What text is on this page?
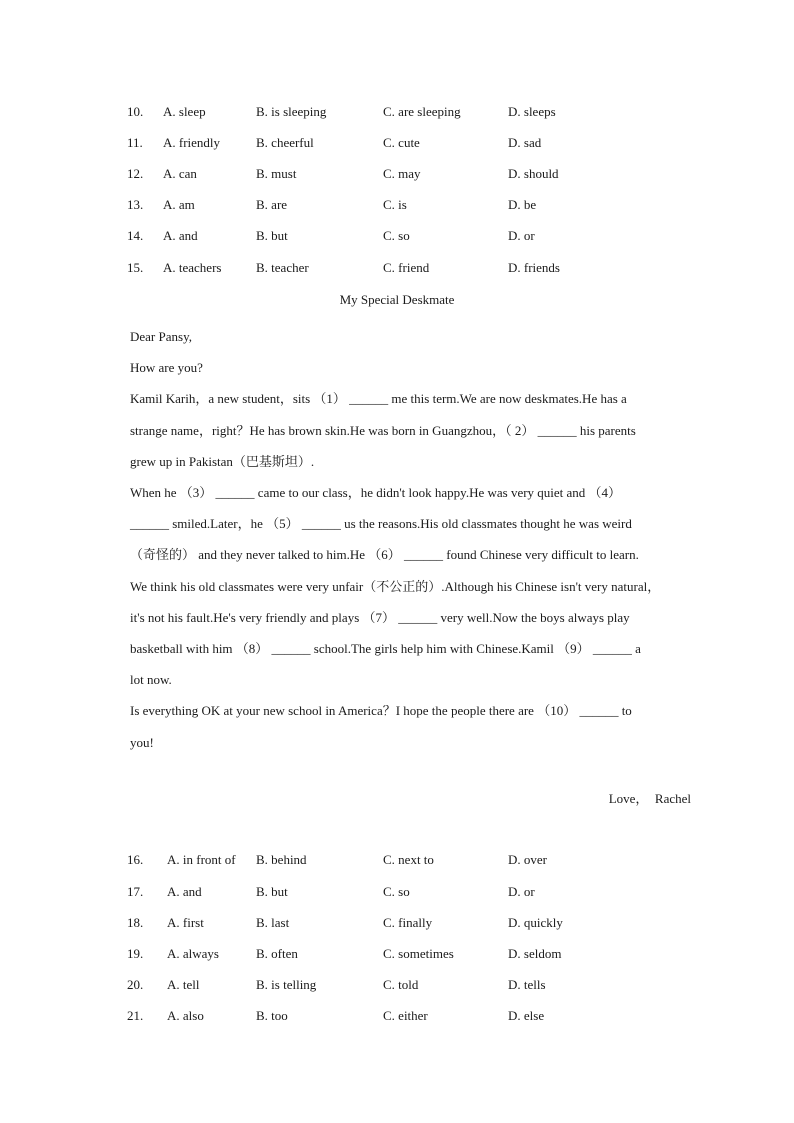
10. A. sleep	B. is sleeping	C. are sleeping	D. sleeps
11. A. friendly	B. cheerful	C. cute	D. sad
12. A. can	B. must	C. may	D. should
13. A. am	B. are	C. is	D. be
14. A. and	B. but	C. so	D. or
15. A. teachers	B. teacher	C. friend	D. friends
My Special Deskmate

Dear Pansy,

How are you?

Kamil Karih，a new student，sits （1） ______ me this term.We are now deskmates.He has a

strange name，right？He has brown skin.He was born in Guangzhou，（ 2） ______ his parents

grew up in Pakistan（巴基斯坦）.

When he （3） ______ came to our class，he didn't look happy.He was very quiet and （4）

______ smiled.Later，he （5） ______ us the reasons.His old classmates thought he was weird

（奇怪的） and they never talked to him.He （6） ______ found Chinese very difficult to learn.

We think his old classmates were very unfair（不公正的）.Although his Chinese isn't very natural，

it's not his fault.He's very friendly and plays （7） ______ very well.Now the boys always play

basketball with him （8） ______ school.The girls help him with Chinese.Kamil （9） ______ a

lot now.

Is everything OK at your new school in America？I hope the people there are （10） ______ to

you!

Love，  Rachel
16. A. in front of B. behind	C. next to	D. over
17. A. and	B. but	C. so	D. or
18. A. first	B. last	C. finally	D. quickly
19. A. always	B. often	C. sometimes	D. seldom
20. A. tell	B. is telling	C. told	D. tells
21. A. also	B. too	C. either	D. else
